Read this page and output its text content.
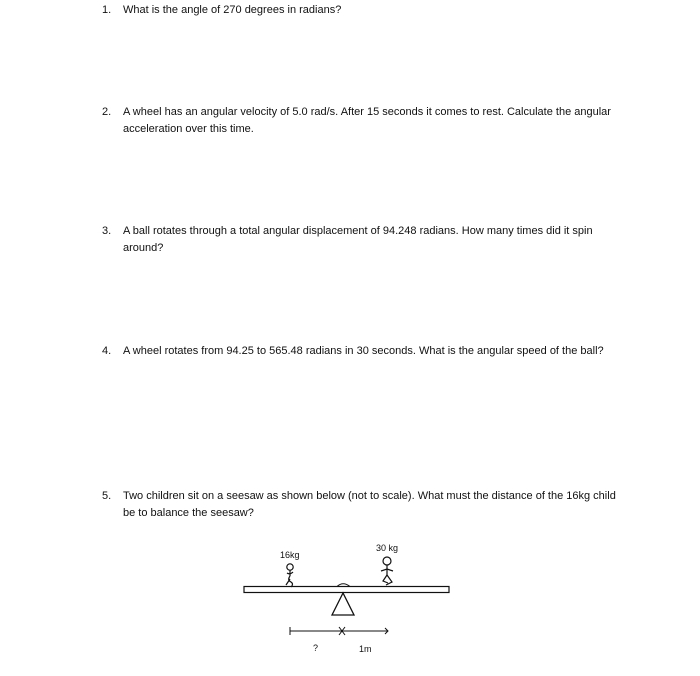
1.	What is the angle of 270 degrees in radians?
2.	A wheel has an angular velocity of 5.0 rad/s. After 15 seconds it comes to rest. Calculate the angular acceleration over this time.
3.	A ball rotates through a total angular displacement of 94.248 radians. How many times did it spin around?
4.	A wheel rotates from 94.25 to 565.48 radians in 30 seconds. What is the angular speed of the ball?
5.	Two children sit on a seesaw as shown below (not to scale). What must the distance of the 16kg child be to balance the seesaw?
16kg
30 kg
?	1m
